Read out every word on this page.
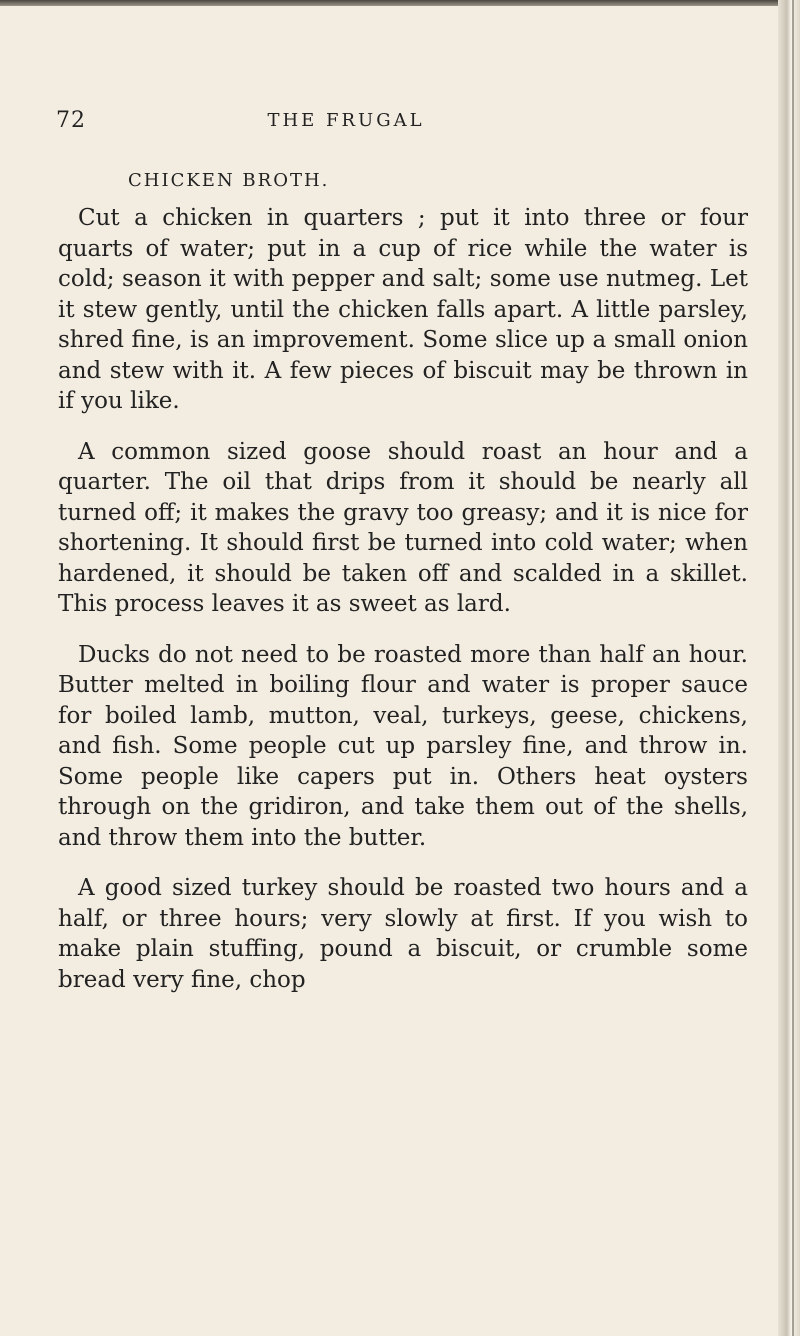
72	THE FRUGAL
CHICKEN BROTH.

Cut a chicken in quarters ; put it into three or four quarts of water; put in a cup of rice while the water is cold; season it with pepper and salt; some use nutmeg. Let it stew gently, until the chicken falls apart. A little parsley, shred fine, is an improvement. Some slice up a small onion and stew with it. A few pieces of biscuit may be thrown in if you like.

A common sized goose should roast an hour and a quarter. The oil that drips from it should be nearly all turned off; it makes the gravy too greasy; and it is nice for shortening. It should first be turned into cold water; when hardened, it should be taken off and scalded in a skillet. This process leaves it as sweet as lard.

Ducks do not need to be roasted more than half an hour. Butter melted in boiling flour and water is proper sauce for boiled lamb, mutton, veal, turkeys, geese, chickens, and fish. Some people cut up parsley fine, and throw in. Some people like capers put in. Others heat oysters through on the gridiron, and take them out of the shells, and throw them into the butter.

A good sized turkey should be roasted two hours and a half, or three hours; very slowly at first. If you wish to make plain stuffing, pound a biscuit, or crumble some bread very fine, chop
